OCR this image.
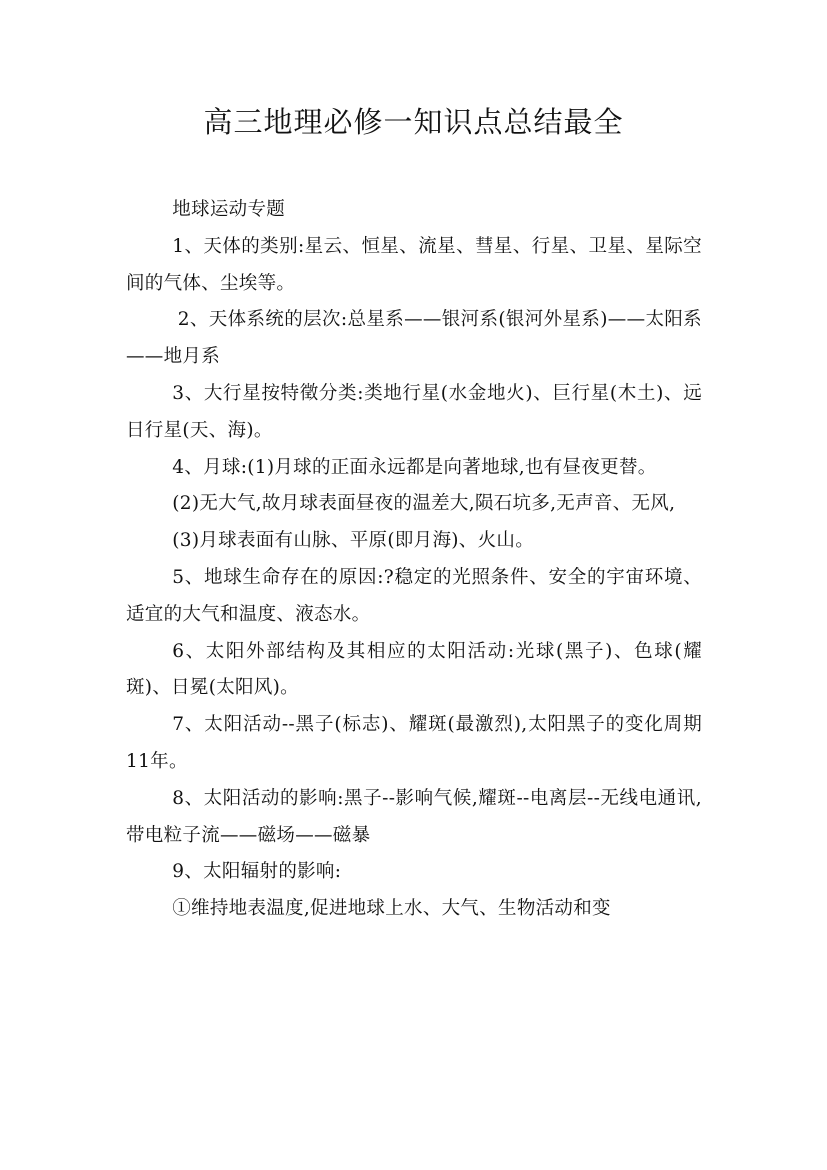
高三地理必修一知识点总结最全

地球运动专题

1、天体的类别:星云、恒星、流星、彗星、行星、卫星、星际空间的气体、尘埃等。

2、天体系统的层次:总星系——银河系(银河外星系)——太阳系——地月系

3、大行星按特徵分类:类地行星(水金地火)、巨行星(木土)、远日行星(天、海)。

4、月球:(1)月球的正面永远都是向著地球,也有昼夜更替。

(2)无大气,故月球表面昼夜的温差大,陨石坑多,无声音、无风,

(3)月球表面有山脉、平原(即月海)、火山。

5、地球生命存在的原因:?稳定的光照条件、安全的宇宙环境、适宜的大气和温度、液态水。

6、太阳外部结构及其相应的太阳活动:光球(黑子)、色球(耀斑)、日冕(太阳风)。

7、太阳活动--黑子(标志)、耀斑(最激烈),太阳黑子的变化周期11年。

8、太阳活动的影响:黑子--影响气候,耀斑--电离层--无线电通讯,带电粒子流——磁场——磁暴

9、太阳辐射的影响:

①维持地表温度,促进地球上水、大气、生物活动和变
